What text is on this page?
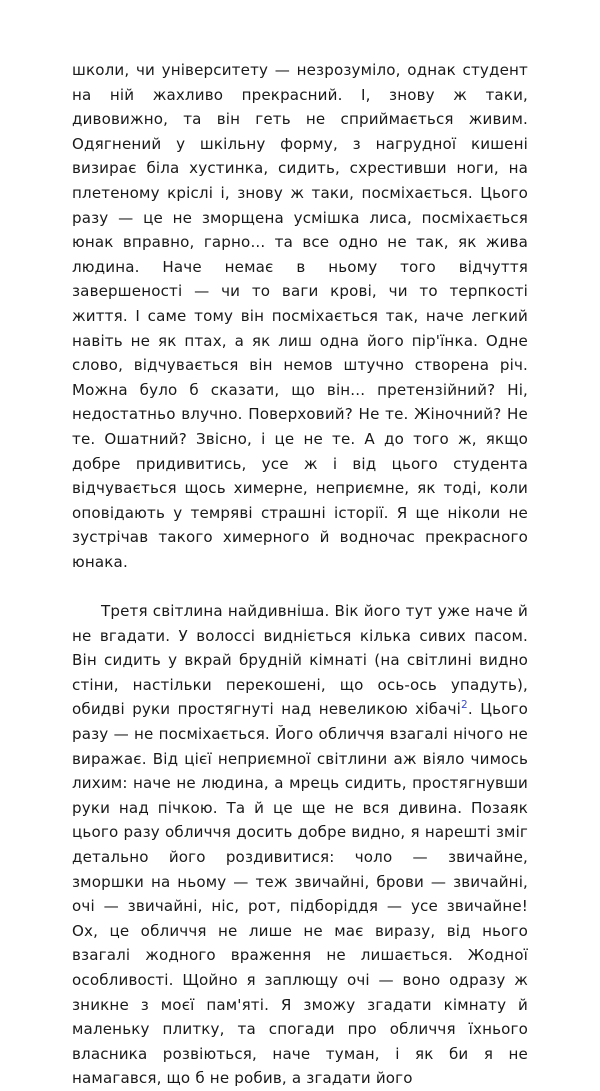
школи, чи університету — незрозуміло, однак студент на ній жахливо прекрасний. І, знову ж таки, дивовижно, та він геть не сприймається живим. Одягнений у шкільну форму, з нагрудної кишені визирає біла хустинка, сидить, схрестивши ноги, на плетеному кріслі і, знову ж таки, посміхається. Цього разу — це не зморщена усмішка лиса, посміхається юнак вправно, гарно... та все одно не так, як жива людина. Наче немає в ньому того відчуття завершеності — чи то ваги крові, чи то терпкості життя. І саме тому він посміхається так, наче легкий навіть не як птах, а як лиш одна його пір'їнка. Одне слово, відчувається він немов штучно створена річ. Можна було б сказати, що він... претензійний? Ні, недостатньо влучно. Поверховий? Не те. Жіночний? Не те. Ошатний? Звісно, і це не те. А до того ж, якщо добре придивитись, усе ж і від цього студента відчувається щось химерне, неприємне, як тоді, коли оповідають у темряві страшні історії. Я ще ніколи не зустрічав такого химерного й водночас прекрасного юнака.

Третя світлина найдивніша. Вік його тут уже наче й не вгадати. У волоссі видніється кілька сивих пасом. Він сидить у вкрай брудній кімнаті (на світлині видно стіни, настільки перекошені, що ось-ось упадуть), обидві руки простягнуті над невеликою хібачі$^2$. Цього разу — не посміхається. Його обличчя взагалі нічого не виражає. Від цієї неприємної світлини аж віяло чимось лихим: наче не людина, а мрець сидить, простягнувши руки над пічкою. Та й це ще не вся дивина. Позаяк цього разу обличчя досить добре видно, я нарешті зміг детально його роздивитися: чоло — звичайне, зморшки на ньому — теж звичайні, брови — звичайні, очі — звичайні, ніс, рот, підборіддя — усе звичайне! Ох, це обличчя не лише не має виразу, від нього взагалі жодного враження не лишається. Жодної особливості. Щойно я заплющу очі — воно одразу ж зникне з моєї пам'яті. Я зможу згадати кімнату й маленьку плитку, та спогади про обличчя їхнього власника розвіються, наче туман, і як би я не намагався, що б не робив, а згадати його
